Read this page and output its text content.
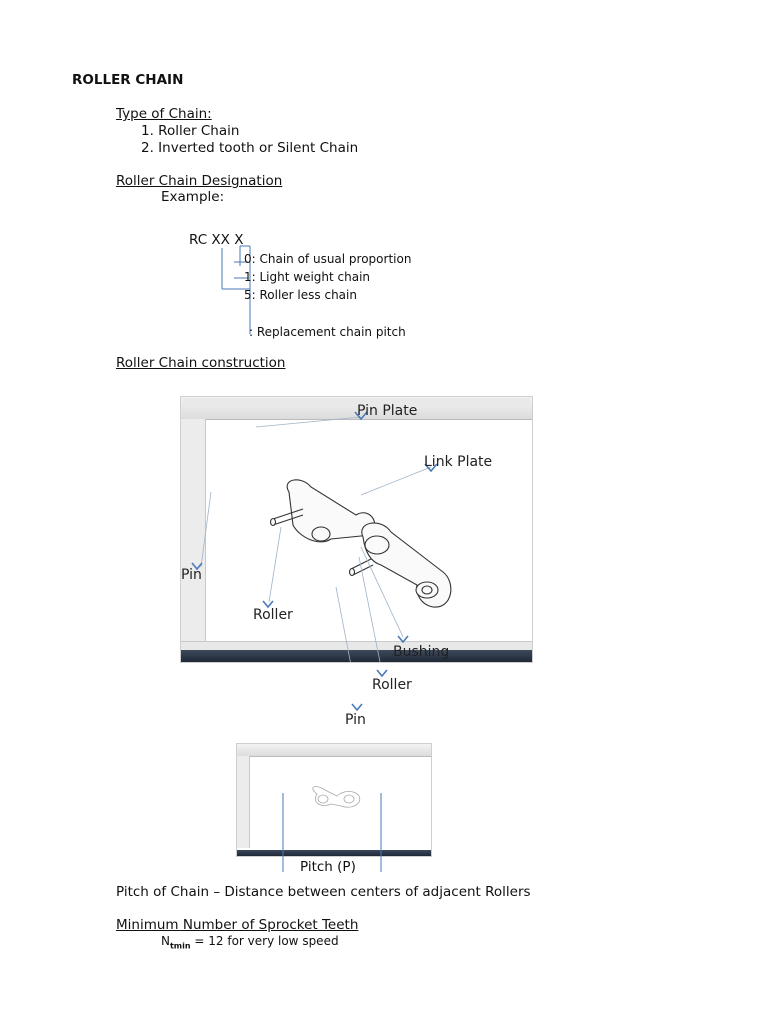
ROLLER CHAIN
Type of Chain:
1. Roller Chain
2. Inverted tooth or Silent Chain
Roller Chain Designation
Example:
RC XX X
0: Chain of usual proportion
1: Light weight chain
5: Roller less chain
: Replacement chain pitch
Roller Chain construction
Pin Plate
Link Plate
Pin
Roller
Bushing
Roller
Pin
Pitch (P)
Pitch of Chain – Distance between centers of adjacent Rollers
Minimum Number of Sprocket Teeth
$N_{tmin} = 12$ for very low speed
